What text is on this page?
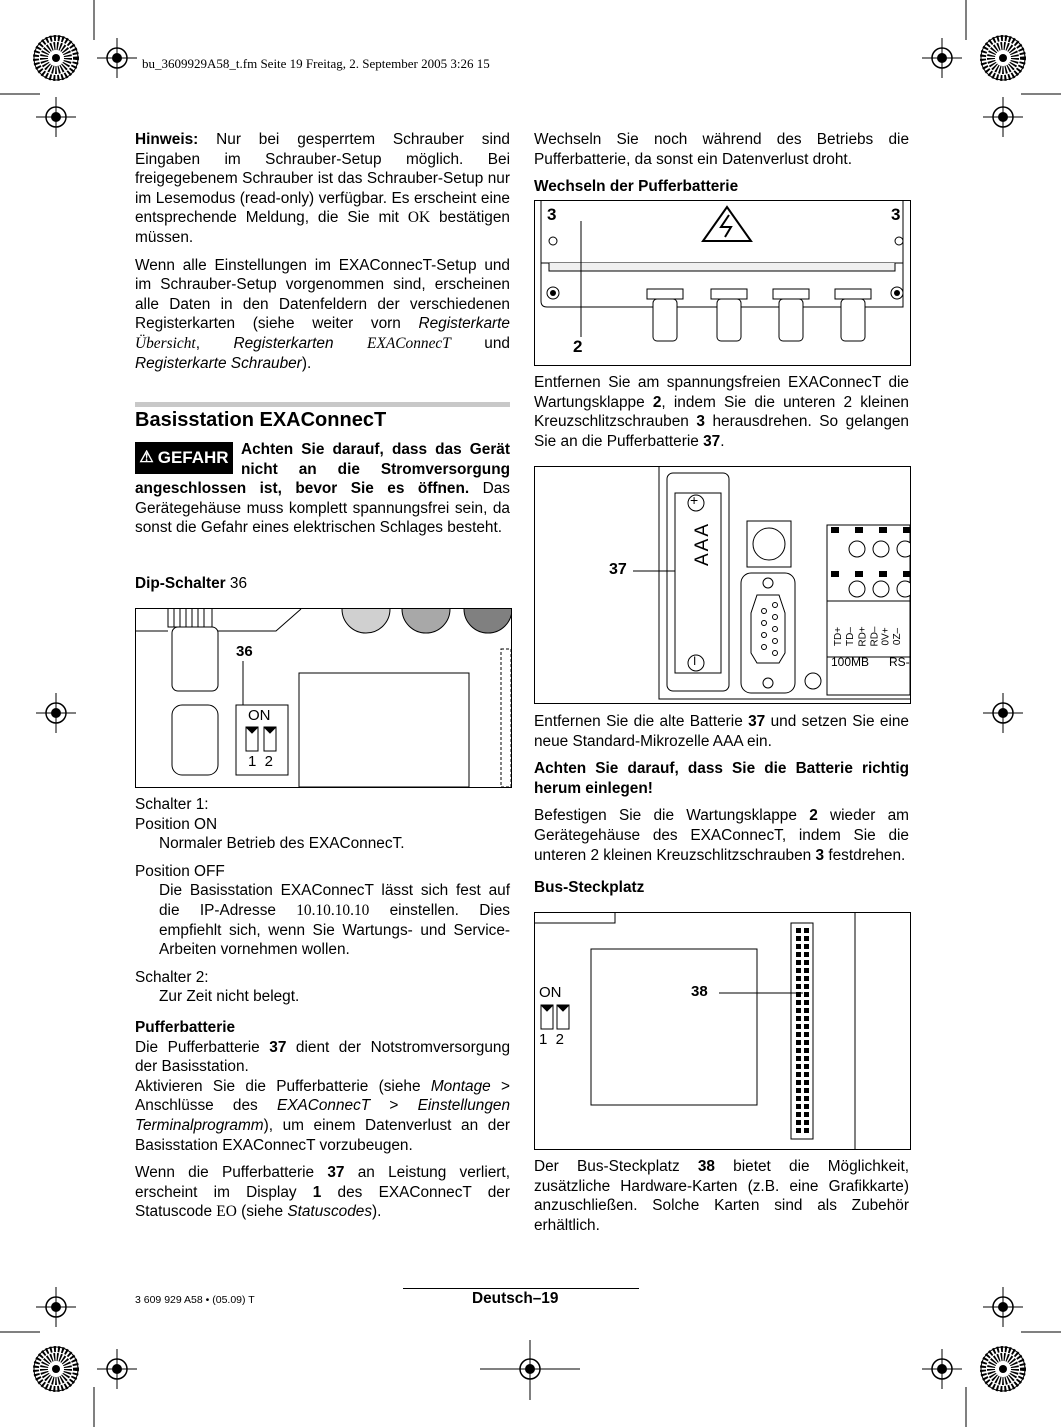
bu_3609929A58_t.fm Seite 19 Freitag, 2. September 2005 3:26 15

Hinweis: Nur bei gesperrtem Schrauber sind Eingaben im Schrauber-Setup möglich. Bei freigegebenem Schrauber ist das Schrauber-Setup nur im Lesemodus (read-only) verfügbar. Es erscheint eine entsprechende Meldung, die Sie mit OK bestätigen müssen.

Wenn alle Einstellungen im EXAConnecT-Setup und im Schrauber-Setup vorgenommen sind, erscheinen alle Daten in den Datenfeldern der verschiedenen Registerkarten (siehe weiter vorn Registerkarte Übersicht, Registerkarten EXAConnecT und Registerkarte Schrauber).

Basisstation EXAConnecT
⚠ GEFAHR Achten Sie darauf, dass das Gerät nicht an die Stromversorgung angeschlossen ist, bevor Sie es öffnen. Das Gerätegehäuse muss komplett spannungsfrei sein, da sonst die Gefahr eines elektrischen Schlages besteht.

Dip-Schalter 36
36
ON
1  2
Schalter 1:
Position ON

Normaler Betrieb des EXAConnecT.

Position OFF

Die Basisstation EXAConnecT lässt sich fest auf die IP-Adresse 10.10.10.10 einstellen. Dies empfiehlt sich, wenn Sie Wartungs- und Service-Arbeiten vornehmen wollen.

Schalter 2:

Zur Zeit nicht belegt.

Pufferbatterie

Die Pufferbatterie 37 dient der Notstromversorgung der Basisstation.

Aktivieren Sie die Pufferbatterie (siehe Montage > Anschlüsse des EXAConnecT > Einstellungen Terminalprogramm), um einem Datenverlust an der Basisstation EXAConnecT vorzubeugen.

Wenn die Pufferbatterie 37 an Leistung verliert, erscheint im Display 1 des EXAConnecT der Statuscode EO (siehe Statuscodes).

Wechseln Sie noch während des Betriebs die Pufferbatterie, da sonst ein Datenverlust droht.

Wechseln der Pufferbatterie
3	3
2

Entfernen Sie am spannungsfreien EXAConnecT die Wartungsklappe 2, indem Sie die unteren 2 kleinen Kreuzschlitzschrauben 3 herausdrehen. So gelangen Sie an die Pufferbatterie 37.

37
AAA
+
I	100MB RS-
TD+ TD– RD+ RD– 0V+ 0Z–

Entfernen Sie die alte Batterie 37 und setzen Sie eine neue Standard-Mikrozelle AAA ein.

Achten Sie darauf, dass Sie die Batterie richtig herum einlegen!

Befestigen Sie die Wartungsklappe 2 wieder am Gerätegehäuse des EXAConnecT, indem Sie die unteren 2 kleinen Kreuzschlitzschrauben 3 festdrehen.

Bus-Steckplatz
38
ON
1  2

Der Bus-Steckplatz 38 bietet die Möglichkeit, zusätzliche Hardware-Karten (z.B. eine Grafikkarte) anzuschließen. Solche Karten sind als Zubehör erhältlich.

3 609 929 A58 • (05.09) T	Deutsch–19
